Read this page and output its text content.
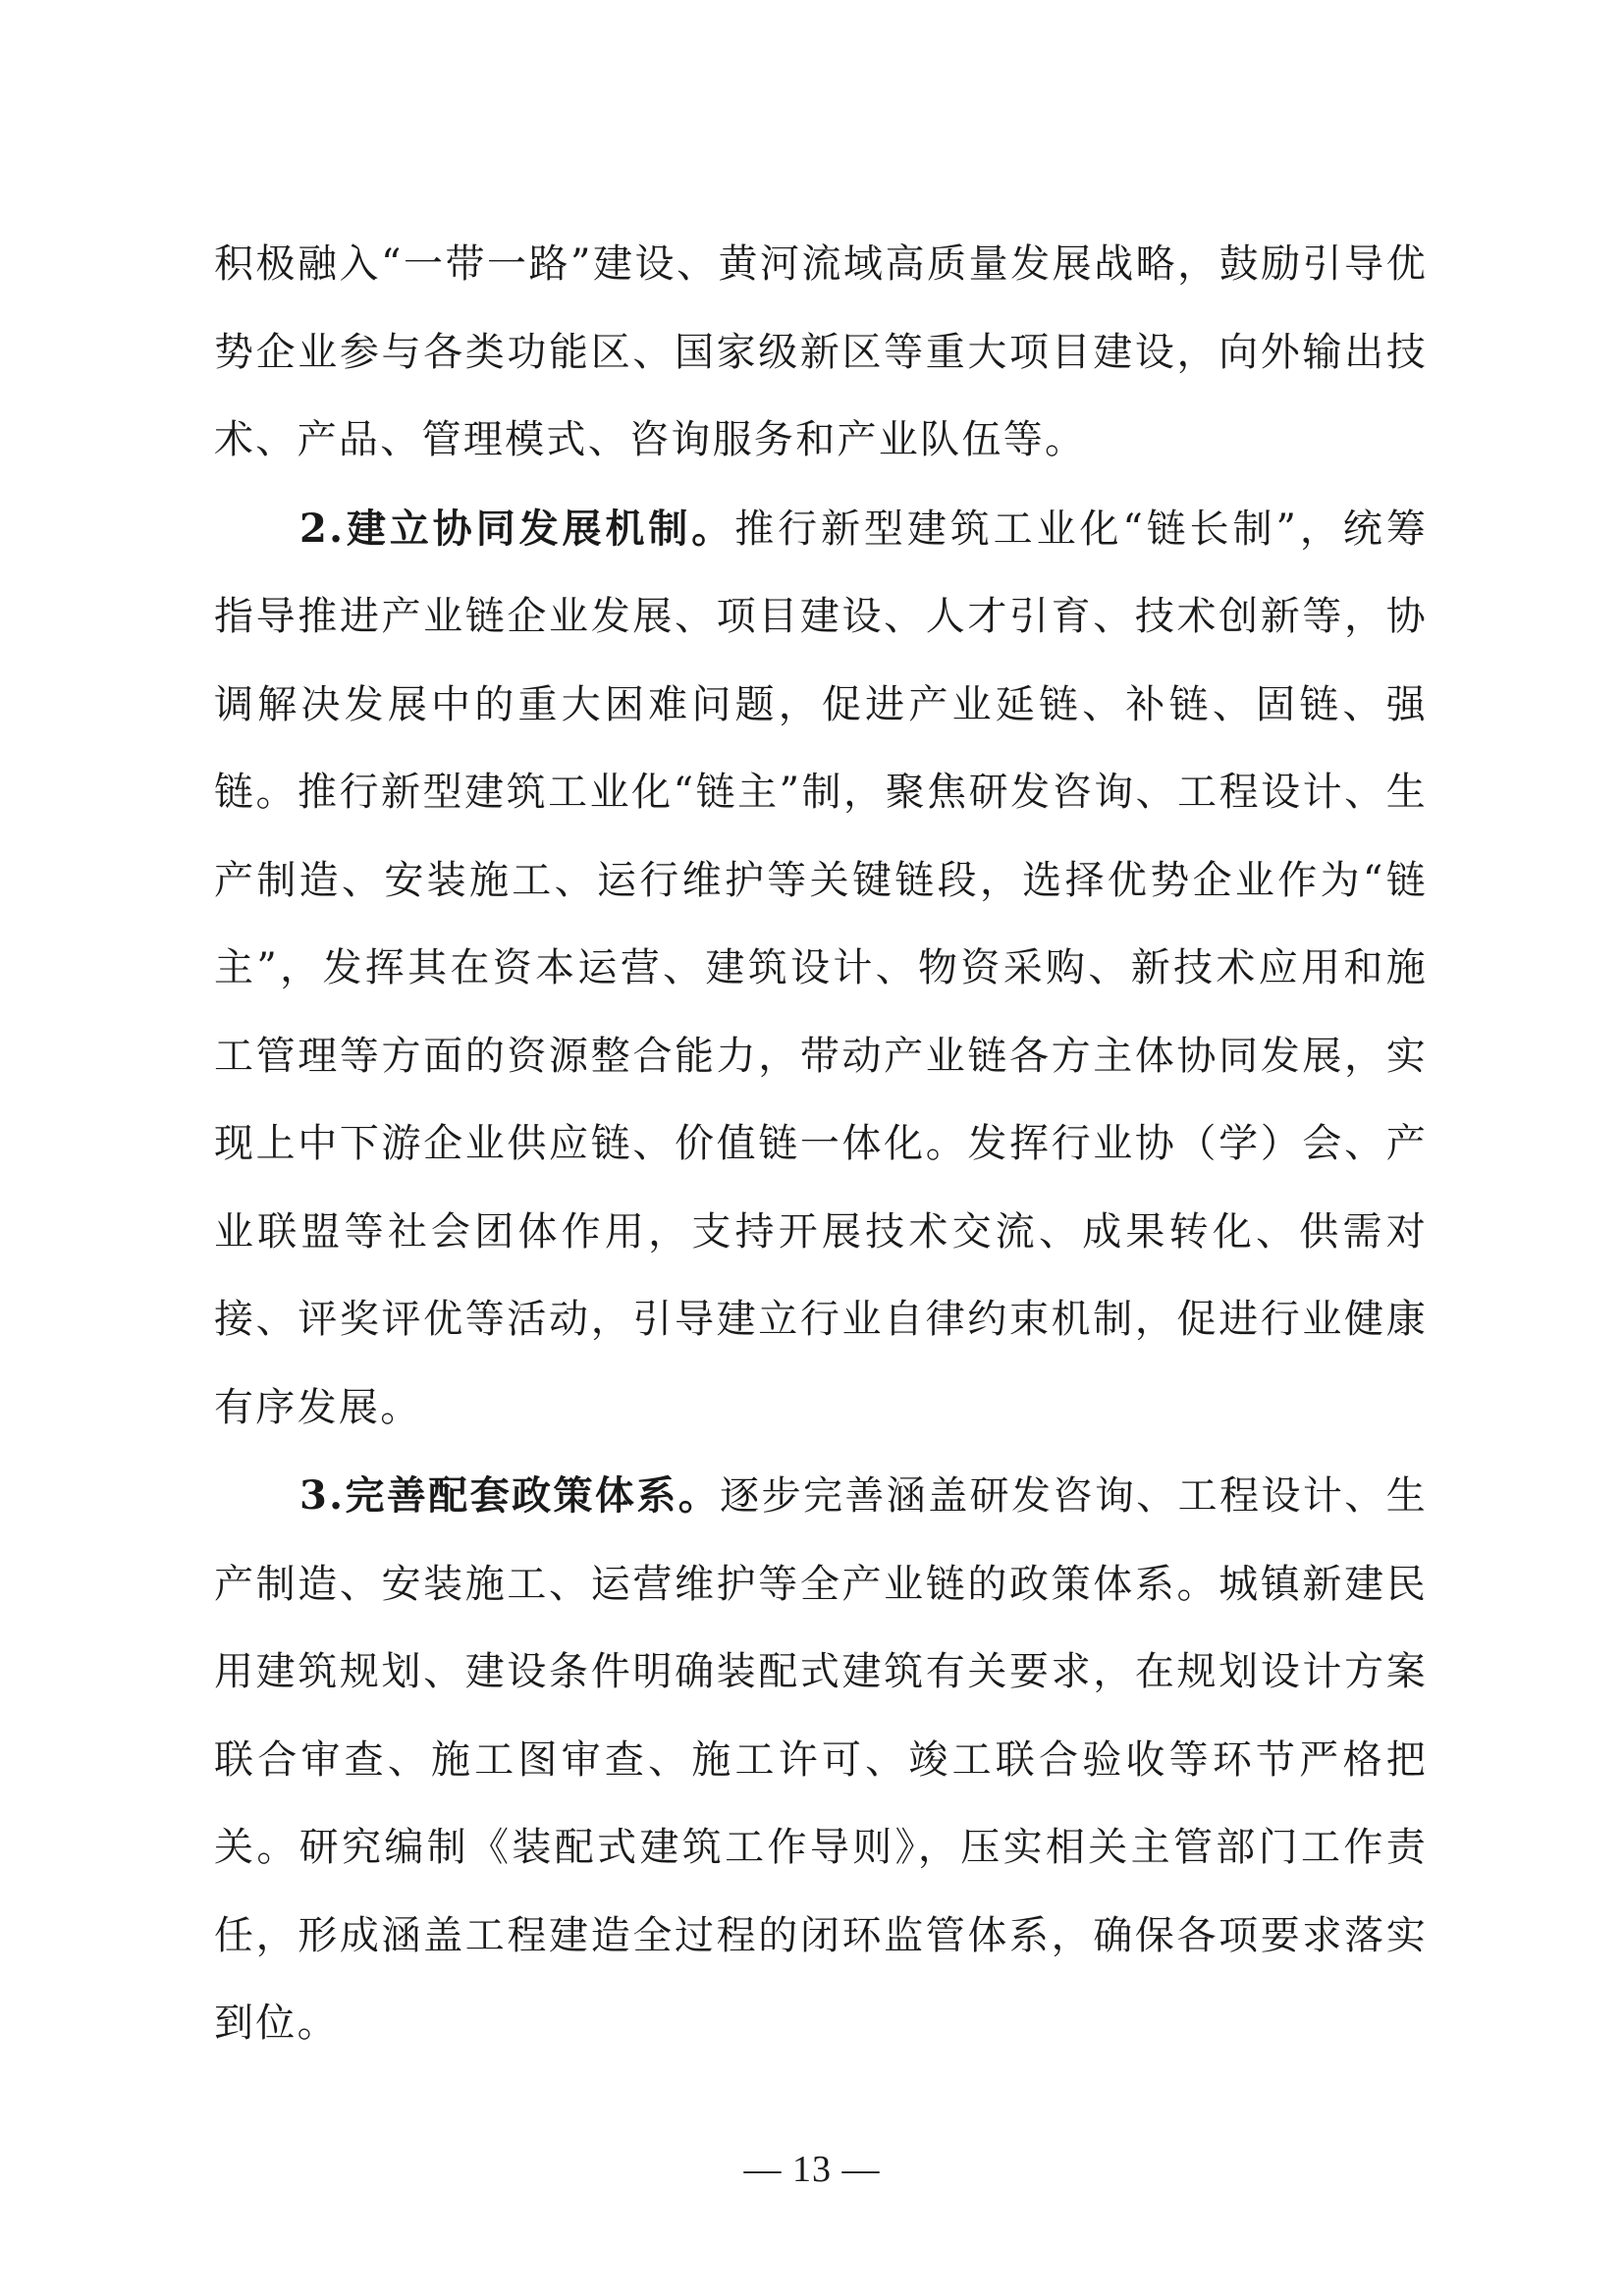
积极融入“一带一路”建设、黄河流域高质量发展战略，鼓励引导优势企业参与各类功能区、国家级新区等重大项目建设，向外输出技术、产品、管理模式、咨询服务和产业队伍等。

2.建立协同发展机制。推行新型建筑工业化“链长制”，统筹指导推进产业链企业发展、项目建设、人才引育、技术创新等，协调解决发展中的重大困难问题，促进产业延链、补链、固链、强链。推行新型建筑工业化“链主”制，聚焦研发咨询、工程设计、生产制造、安装施工、运行维护等关键链段，选择优势企业作为“链主”，发挥其在资本运营、建筑设计、物资采购、新技术应用和施工管理等方面的资源整合能力，带动产业链各方主体协同发展，实现上中下游企业供应链、价值链一体化。发挥行业协（学）会、产业联盟等社会团体作用，支持开展技术交流、成果转化、供需对接、评奖评优等活动，引导建立行业自律约束机制，促进行业健康有序发展。

3.完善配套政策体系。逐步完善涵盖研发咨询、工程设计、生产制造、安装施工、运营维护等全产业链的政策体系。城镇新建民用建筑规划、建设条件明确装配式建筑有关要求，在规划设计方案联合审查、施工图审查、施工许可、竣工联合验收等环节严格把关。研究编制《装配式建筑工作导则》，压实相关主管部门工作责任，形成涵盖工程建造全过程的闭环监管体系，确保各项要求落实到位。

— 13 —
